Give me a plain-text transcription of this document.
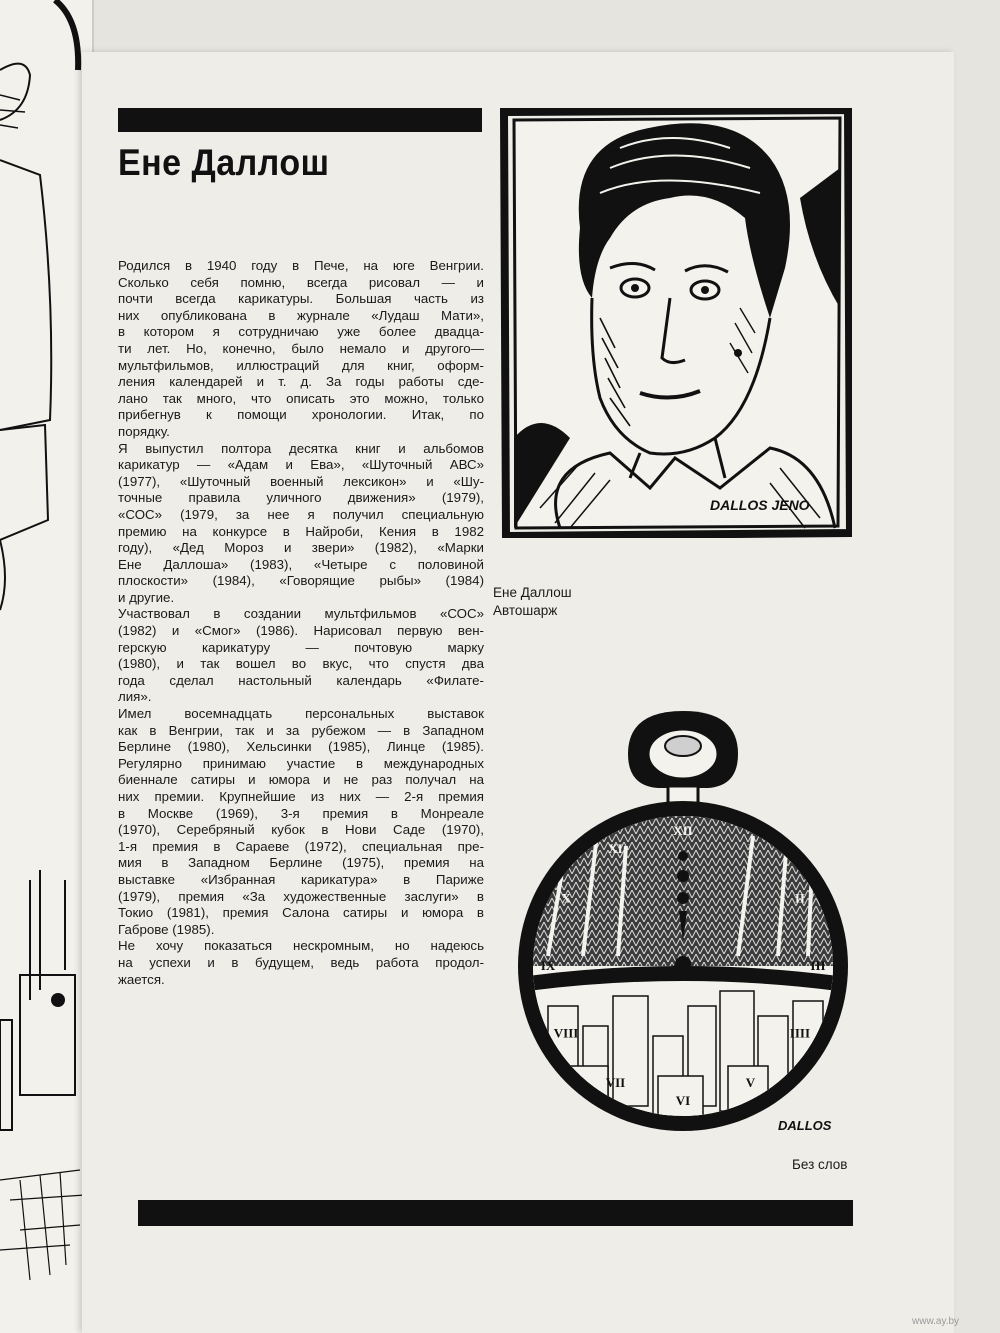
Ене Даллош
Родился в 1940 году в Пече, на юге Венгрии.
Сколько себя помню, всегда рисовал — и
почти всегда карикатуры. Большая часть из
них опубликована в журнале «Лудаш Мати»,
в котором я сотрудничаю уже более двадца-
ти лет. Но, конечно, было немало и другого—
мультфильмов, иллюстраций для книг, оформ-
ления календарей и т. д. За годы работы сде-
лано так много, что описать это можно, только
прибегнув к помощи хронологии. Итак, по
порядку.
Я выпустил полтора десятка книг и альбомов
карикатур — «Адам и Ева», «Шуточный АВС»
(1977), «Шуточный военный лексикон» и «Шу-
точные правила уличного движения» (1979),
«СОС» (1979, за нее я получил специальную
премию на конкурсе в Найроби, Кения в 1982
году), «Дед Мороз и звери» (1982), «Марки
Ене Даллоша» (1983), «Четыре с половиной
плоскости» (1984), «Говорящие рыбы» (1984)
и другие.
Участвовал в создании мультфильмов «СОС»
(1982) и «Смог» (1986). Нарисовал первую вен-
герскую карикатуру — почтовую марку
(1980), и так вошел во вкус, что спустя два
года сделал настольный календарь «Филате-
лия».
Имел восемнадцать персональных выставок
как в Венгрии, так и за рубежом — в Западном
Берлине (1980), Хельсинки (1985), Линце (1985).
Регулярно принимаю участие в международных
биеннале сатиры и юмора и не раз получал на
них премии. Крупнейшие из них — 2-я премия
в Москве (1969), 3-я премия в Монреале
(1970), Серебряный кубок в Нови Саде (1970),
1-я премия в Сараеве (1972), специальная пре-
мия в Западном Берлине (1975), премия на
выставке «Избранная карикатура» в Париже
(1979), премия «За художественные заслуги» в
Токио (1981), премия Салона сатиры и юмора в
Габрове (1985).
Не хочу показаться нескромным, но надеюсь
на успехи и в будущем, ведь работа продол-
жается.
DALLOS JENO
Ене Даллош
Автошарж
XII
I
II
III
IIII
V
VI
VII
VIII
IX
X
XI
DALLOS
Без слов
www.ay.by
